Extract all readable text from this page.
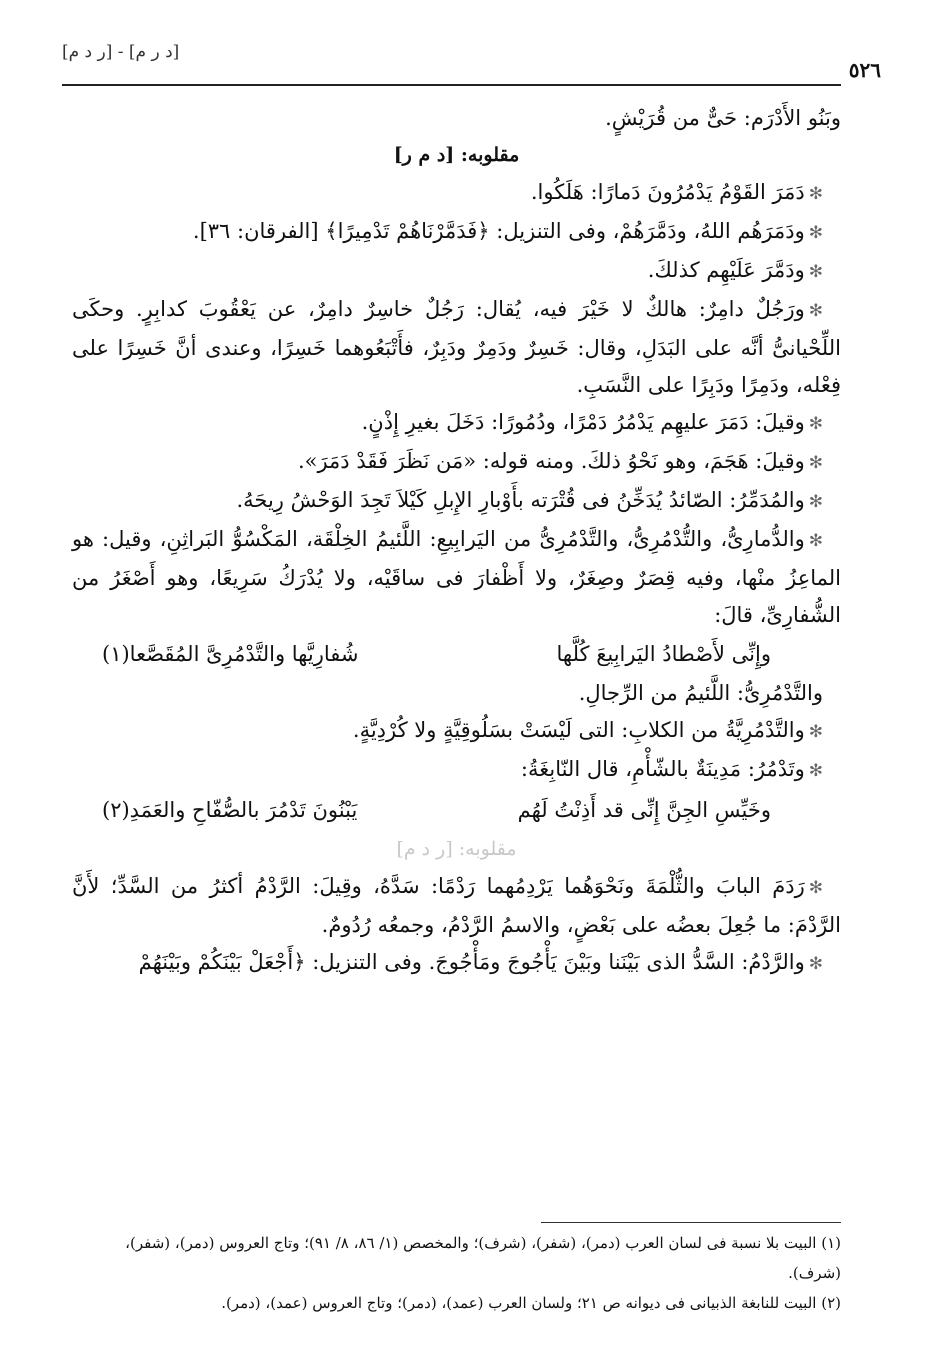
٥٢٦
[د ر م] - [ر د م]

وبَنُو الأَدْرَم: حَىٌّ من قُرَيْشٍ.

مقلوبه: [د م ر]

✻دَمَرَ القَوْمُ يَدْمُرُونَ دَمارًا: هَلَكُوا.

✻ودَمَرَهُم اللهُ، ودَمَّرَهُمْ، وفى التنزيل: ﴿فَدَمَّرْنَاهُمْ تَدْمِيرًا﴾ [الفرقان: ٣٦].

✻ودَمَّرَ عَلَيْهِم كذلكَ.

✻ورَجُلٌ دامِرٌ: هالكٌ لا خَيْرَ فيه، يُقال: رَجُلٌ خاسِرٌ دامِرٌ، عن يَعْقُوبَ كدابِرٍ. وحكَى اللِّحْيانىُّ أنَّه على البَدَلِ، وقال: خَسِرٌ ودَمِرٌ ودَبِرٌ، فأَتْبَعُوهما خَسِرًا، وعندى أنَّ خَسِرًا على فِعْله، ودَمِرًا ودَبِرًا على النَّسَبِ.

✻وقيلَ: دَمَرَ عليهِم يَدْمُرُ دَمْرًا، ودُمُورًا: دَخَلَ بغيرِ إِذْنٍ.

✻وقيلَ: هَجَمَ، وهو نَحْوُ ذلكَ. ومنه قوله: «مَن نَظَرَ فَقَدْ دَمَرَ».

✻والمُدَمِّرُ: الصّائدُ يُدَخِّنُ فى قُتْرَته بأَوْبارِ الإِبلِ كَيْلاَ تَجِدَ الوَحْشُ رِيحَهُ.

✻والدُّمارِىُّ، والتُّدْمُرِىُّ، والتَّدْمُرِىُّ من اليَرابِيعِ: اللَّئيمُ الخِلْقَة، المَكْسُوُّ البَراثِنِ، وقيل: هو الماعِزُ منْها، وفيه قِصَرٌ وصِغَرٌ، ولا أَظْفارَ فى ساقَيْه، ولا يُدْرَكُ سَرِيعًا، وهو أَصْغَرُ من الشُّفارِىِّ، قالَ:

وإِنِّى لأَصْطادُ اليَرابِيعَ كُلَّها
شُفارِيَّها والتَّدْمُرِىَّ المُقَصَّعا(١)

والتَّدْمُرِىُّ: اللَّئيمُ من الرِّجالِ.

✻والتَّدْمُرِيَّةُ من الكلابِ: التى لَيْسَتْ بسَلُوقِيَّةٍ ولا كُرْدِيَّةٍ.

✻وتَدْمُرُ: مَدِينَةٌ بالشّأْمِ، قال النّابِغَةُ:

وخَيِّسِ الجِنَّ إِنِّى قد أَذِنْتُ لَهُم
يَبْنُونَ تَدْمُرَ بالصُّفّاحِ والعَمَدِ(٢)

مقلوبه: [ر د م]

✻رَدَمَ البابَ والثُّلْمَةَ ونَحْوَهُما يَرْدِمُهما رَدْمًا: سَدَّهُ، وقِيلَ: الرَّدْمُ أكثرُ من السَّدِّ؛ لأَنَّ الرَّدْمَ: ما جُعِلَ بعضُه على بَعْضٍ، والاسمُ الرَّدْمُ، وجمعُه رُدُومٌ.

✻والرَّدْمُ: السَّدُّ الذى بَيْنَنا وبَيْنَ يَأْجُوجَ ومَأْجُوجَ. وفى التنزيل: ﴿أَجْعَلْ بَيْنَكُمْ وبَيْنَهُمْ

(١) البيت بلا نسبة فى لسان العرب (دمر)، (شفر)، (شرف)؛ والمخصص (١/ ٨٦، ٨/ ٩١)؛ وتاج العروس (دمر)، (شفر)، (شرف).

(٢) البيت للنابغة الذبيانى فى ديوانه ص ٢١؛ ولسان العرب (عمد)، (دمر)؛ وتاج العروس (عمد)، (دمر).
